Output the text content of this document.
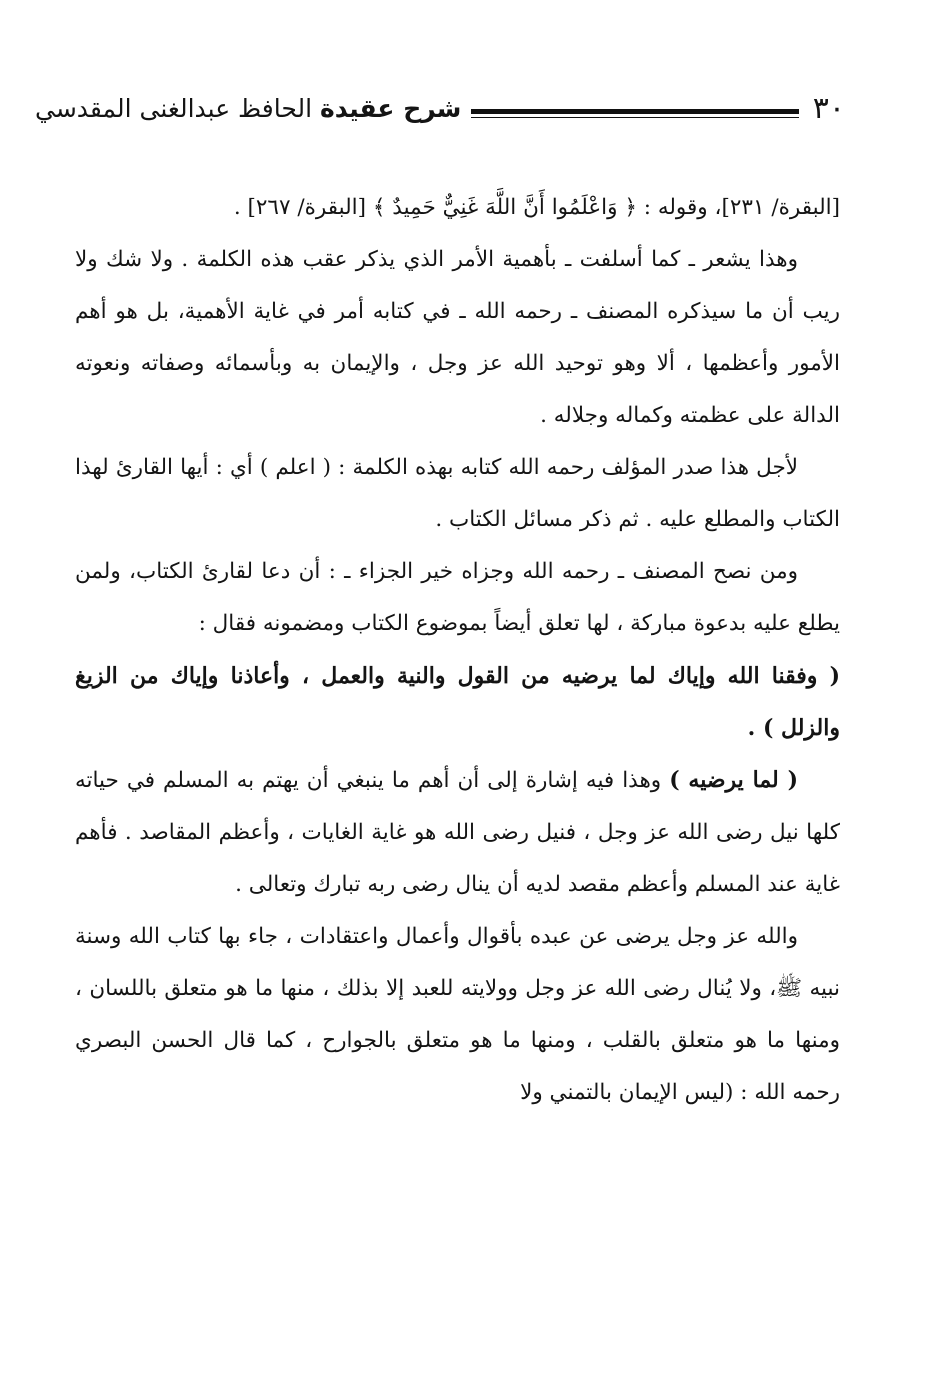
٣٠
شرح عقيدة الحافظ عبدالغنى المقدسي

[البقرة/ ٢٣١]، وقوله : ﴿ وَاعْلَمُوا أَنَّ اللَّهَ غَنِيٌّ حَمِيدٌ ﴾ [البقرة/ ٢٦٧] .

وهذا يشعر ـ كما أسلفت ـ بأهمية الأمر الذي يذكر عقب هذه الكلمة . ولا شك ولا ريب أن ما سيذكره المصنف ـ رحمه الله ـ في كتابه أمر في غاية الأهمية، بل هو أهم الأمور وأعظمها ، ألا وهو توحيد الله عز وجل ، والإيمان به وبأسمائه وصفاته ونعوته الدالة على عظمته وكماله وجلاله .

لأجل هذا صدر المؤلف رحمه الله كتابه بهذه الكلمة : ( اعلم ) أي : أيها القارئ لهذا الكتاب والمطلع عليه . ثم ذكر مسائل الكتاب .

ومن نصح المصنف ـ رحمه الله وجزاه خير الجزاء ـ : أن دعا لقارئ الكتاب، ولمن يطلع عليه بدعوة مباركة ، لها تعلق أيضاً بموضوع الكتاب ومضمونه فقال :

( وفقنا الله وإياك لما يرضيه من القول والنية والعمل ، وأعاذنا وإياك من الزيغ والزلل ) .

( لما يرضيه ) وهذا فيه إشارة إلى أن أهم ما ينبغي أن يهتم به المسلم في حياته كلها نيل رضى الله عز وجل ، فنيل رضى الله هو غاية الغايات ، وأعظم المقاصد . فأهم غاية عند المسلم وأعظم مقصد لديه أن ينال رضى ربه تبارك وتعالى .

والله عز وجل يرضى عن عبده بأقوال وأعمال واعتقادات ، جاء بها كتاب الله وسنة نبيه ﷺ، ولا يُنال رضى الله عز وجل وولايته للعبد إلا بذلك ، منها ما هو متعلق باللسان ، ومنها ما هو متعلق بالقلب ، ومنها ما هو متعلق بالجوارح ، كما قال الحسن البصري رحمه الله : (ليس الإيمان بالتمني ولا
